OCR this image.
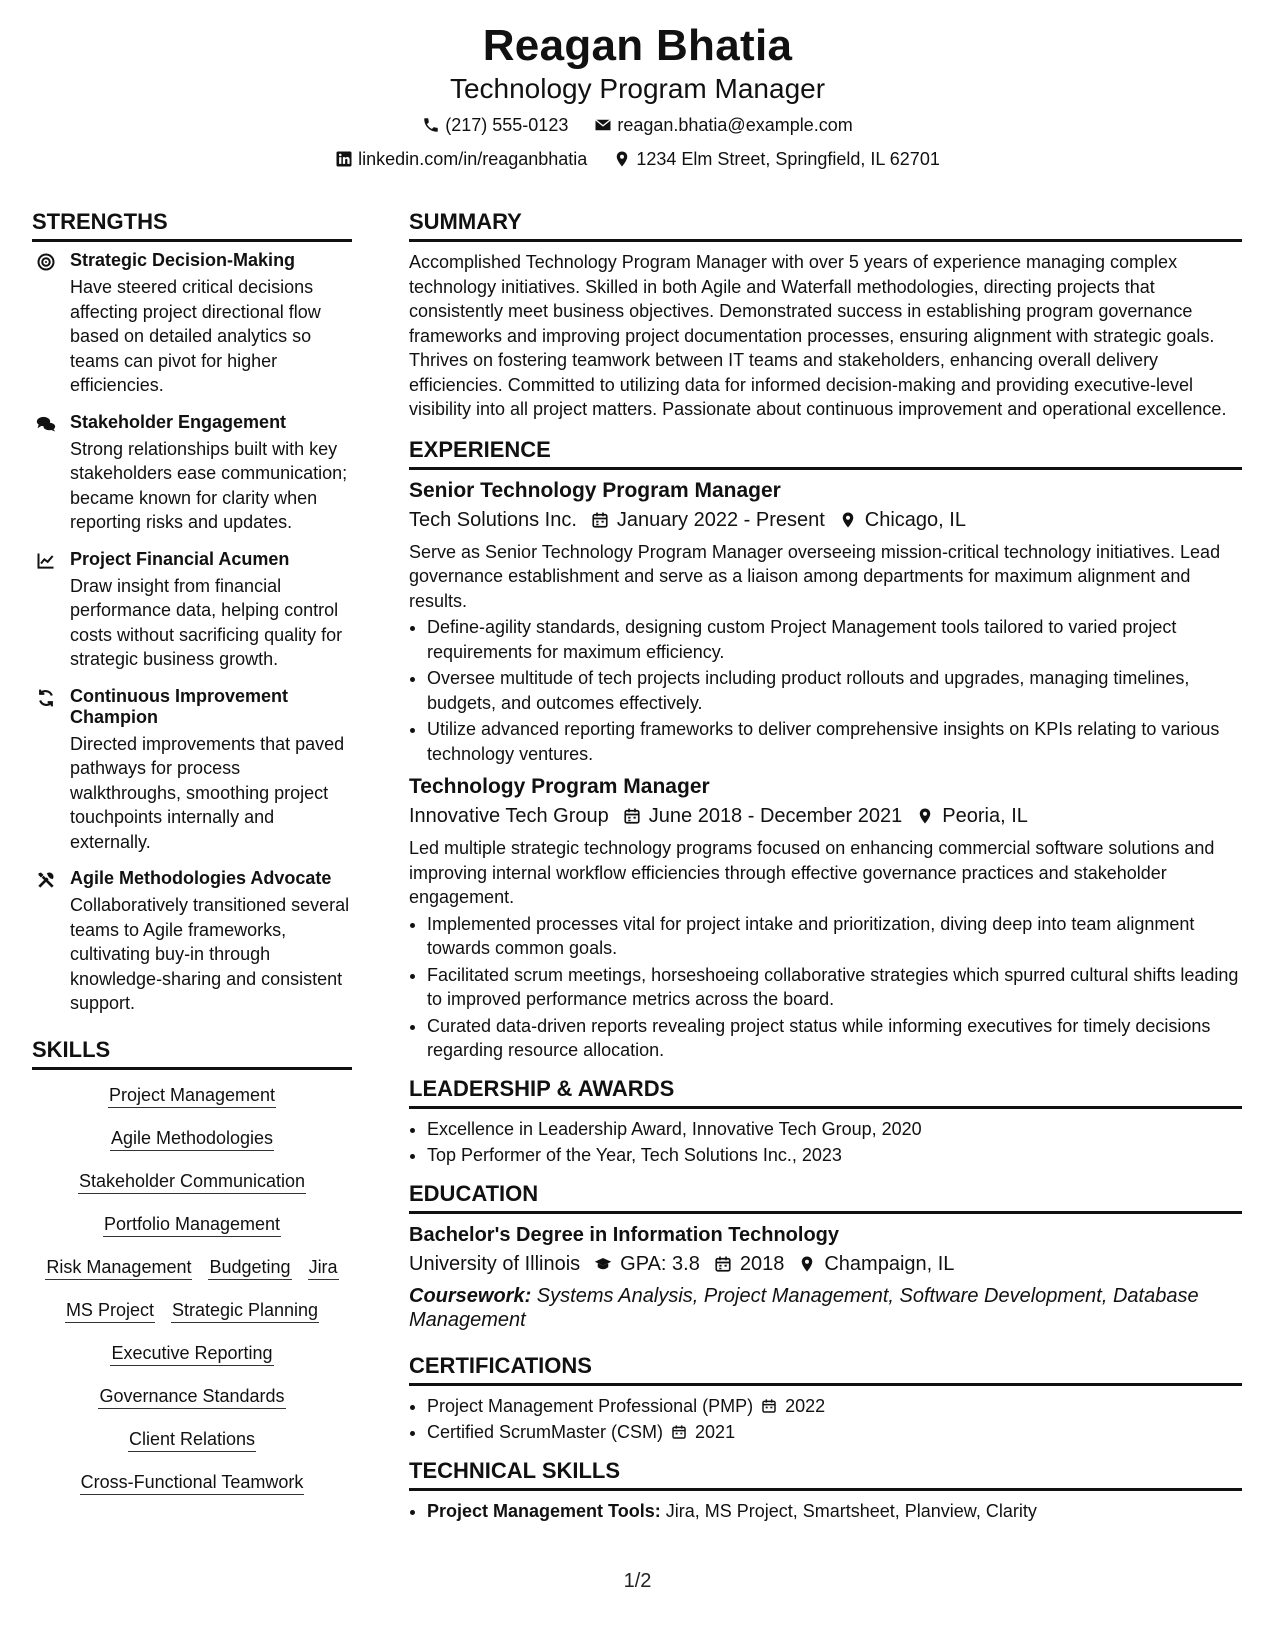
Reagan Bhatia
Technology Program Manager
(217) 555-0123	reagan.bhatia@example.com
linkedin.com/in/reaganbhatia	1234 Elm Street, Springfield, IL 62701
STRENGTHS
Strategic Decision-Making
Have steered critical decisions affecting project directional flow based on detailed analytics so teams can pivot for higher efficiencies.
Stakeholder Engagement
Strong relationships built with key stakeholders ease communication; became known for clarity when reporting risks and updates.
Project Financial Acumen
Draw insight from financial performance data, helping control costs without sacrificing quality for strategic business growth.
Continuous Improvement Champion
Directed improvements that paved pathways for process walkthroughs, smoothing project touchpoints internally and externally.
Agile Methodologies Advocate
Collaboratively transitioned several teams to Agile frameworks, cultivating buy-in through knowledge-sharing and consistent support.
SKILLS
Project Management
Agile Methodologies
Stakeholder Communication
Portfolio Management
Risk Management Budgeting Jira
MS Project Strategic Planning
Executive Reporting
Governance Standards
Client Relations
Cross-Functional Teamwork
SUMMARY
Accomplished Technology Program Manager with over 5 years of experience managing complex technology initiatives. Skilled in both Agile and Waterfall methodologies, directing projects that consistently meet business objectives. Demonstrated success in establishing program governance frameworks and improving project documentation processes, ensuring alignment with strategic goals. Thrives on fostering teamwork between IT teams and stakeholders, enhancing overall delivery efficiencies. Committed to utilizing data for informed decision-making and providing executive-level visibility into all project matters. Passionate about continuous improvement and operational excellence.
EXPERIENCE
Senior Technology Program Manager
Tech Solutions Inc. January 2022 - Present Chicago, IL
Serve as Senior Technology Program Manager overseeing mission-critical technology initiatives. Lead governance establishment and serve as a liaison among departments for maximum alignment and results.
• Define-agility standards, designing custom Project Management tools tailored to varied project requirements for maximum efficiency.
• Oversee multitude of tech projects including product rollouts and upgrades, managing timelines, budgets, and outcomes effectively.
• Utilize advanced reporting frameworks to deliver comprehensive insights on KPIs relating to various technology ventures.
Technology Program Manager
Innovative Tech Group June 2018 - December 2021 Peoria, IL
Led multiple strategic technology programs focused on enhancing commercial software solutions and improving internal workflow efficiencies through effective governance practices and stakeholder engagement.
• Implemented processes vital for project intake and prioritization, diving deep into team alignment towards common goals.
• Facilitated scrum meetings, horseshoeing collaborative strategies which spurred cultural shifts leading to improved performance metrics across the board.
• Curated data-driven reports revealing project status while informing executives for timely decisions regarding resource allocation.
LEADERSHIP & AWARDS
• Excellence in Leadership Award, Innovative Tech Group, 2020
• Top Performer of the Year, Tech Solutions Inc., 2023
EDUCATION
Bachelor's Degree in Information Technology
University of Illinois GPA: 3.8 2018 Champaign, IL
Coursework: Systems Analysis, Project Management, Software Development, Database Management
CERTIFICATIONS
• Project Management Professional (PMP) 2022
• Certified ScrumMaster (CSM) 2021
TECHNICAL SKILLS
• Project Management Tools: Jira, MS Project, Smartsheet, Planview, Clarity
1/2
